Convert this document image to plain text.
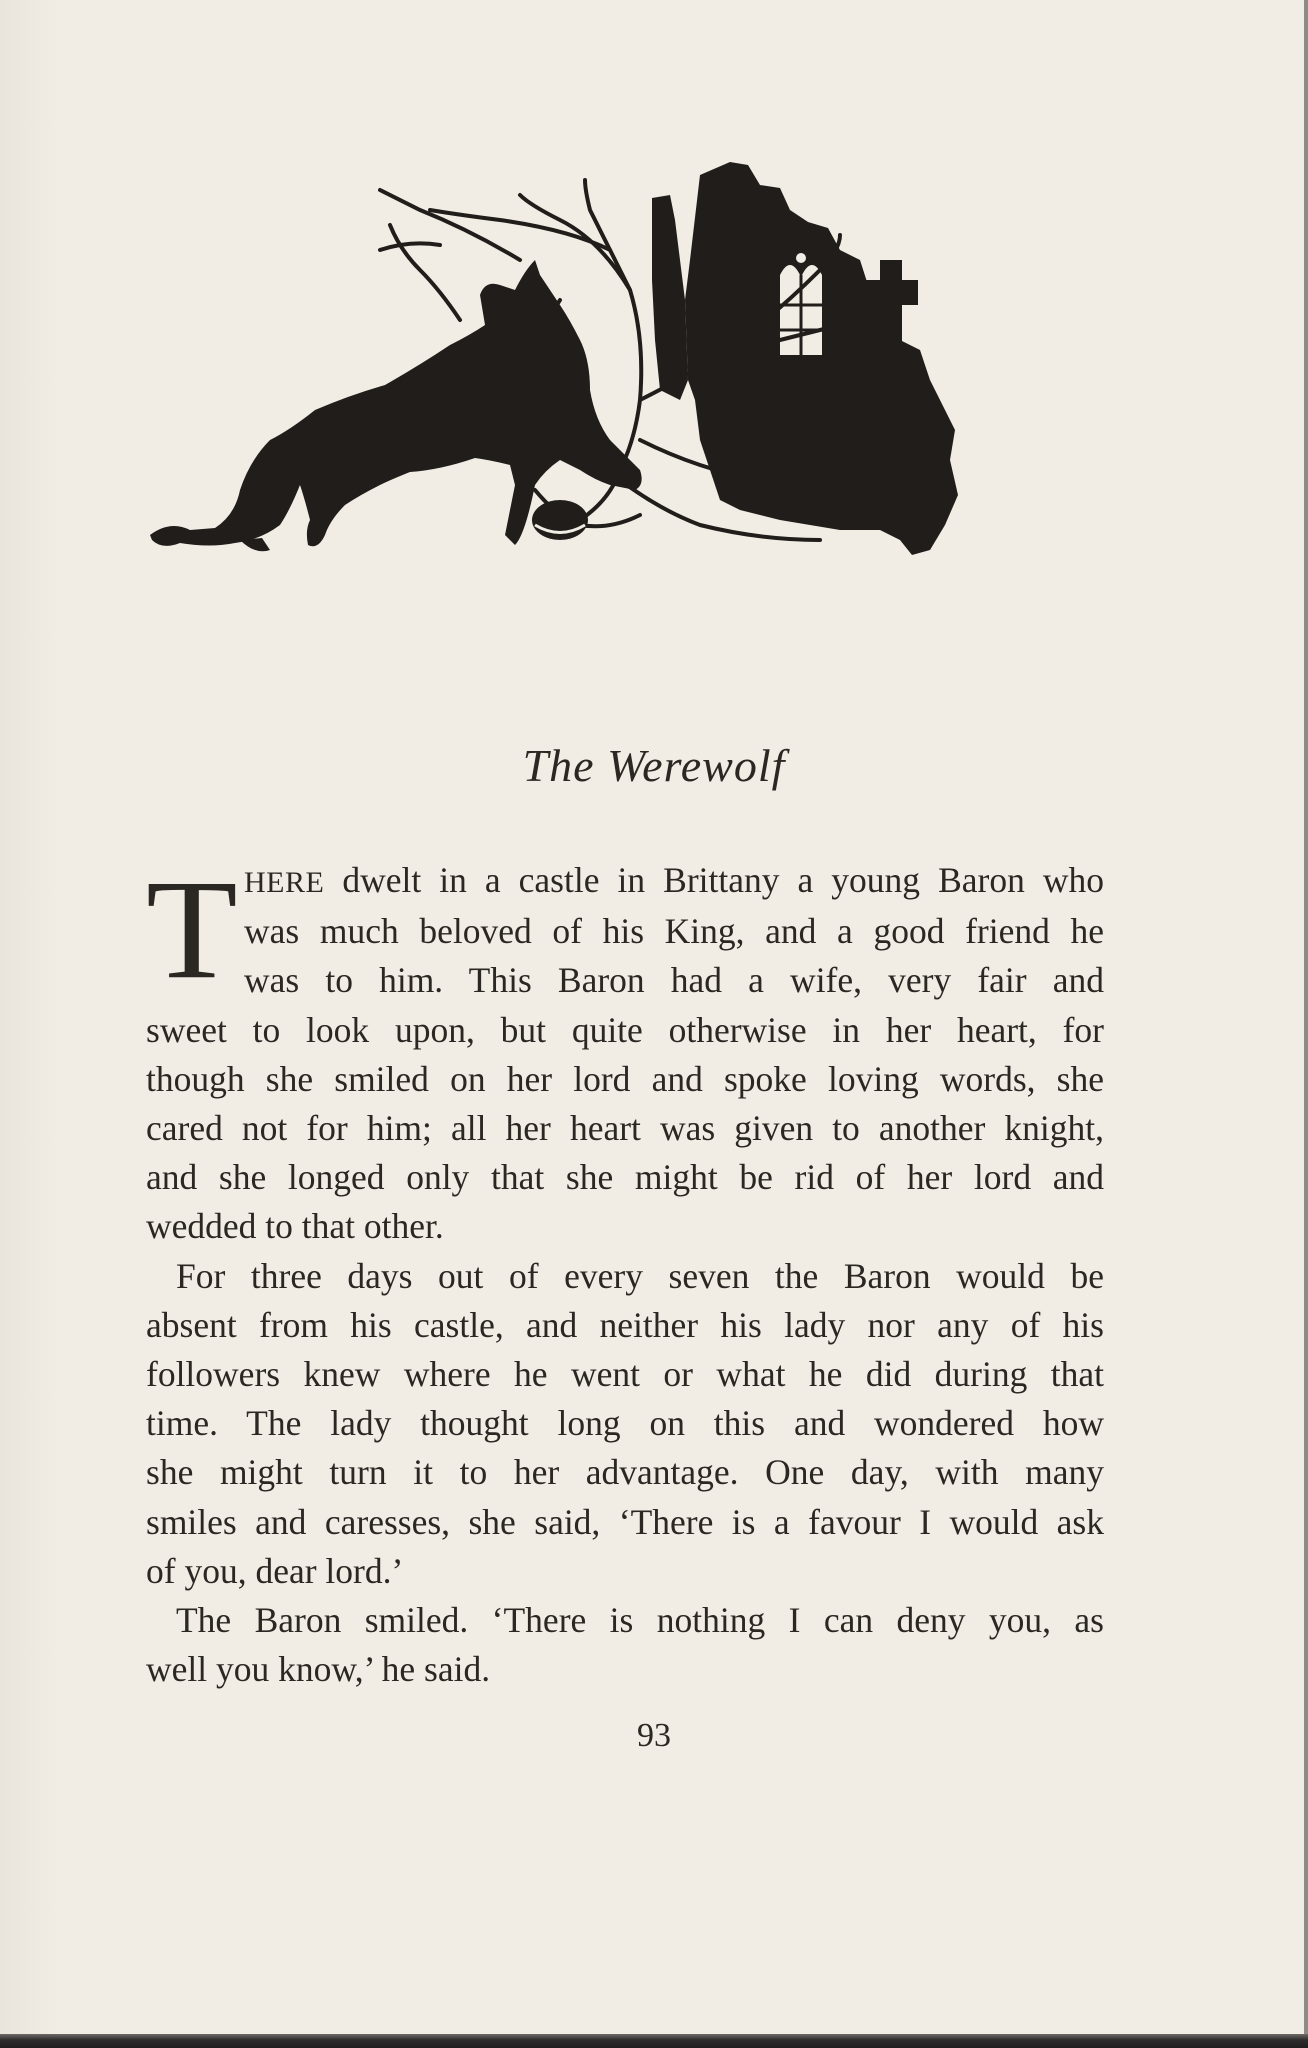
The Werewolf
T HERE dwelt in a castle in Brittany a young Baron who
was much beloved of his King, and a good friend he
was to him. This Baron had a wife, very fair and
sweet to look upon, but quite otherwise in her heart, for
though she smiled on her lord and spoke loving words, she
cared not for him; all her heart was given to another knight,
and she longed only that she might be rid of her lord and
wedded to that other.

For three days out of every seven the Baron would be
absent from his castle, and neither his lady nor any of his
followers knew where he went or what he did during that
time. The lady thought long on this and wondered how
she might turn it to her advantage. One day, with many
smiles and caresses, she said, ‘There is a favour I would ask
of you, dear lord.’

The Baron smiled. ‘There is nothing I can deny you, as
well you know,’ he said.

93
